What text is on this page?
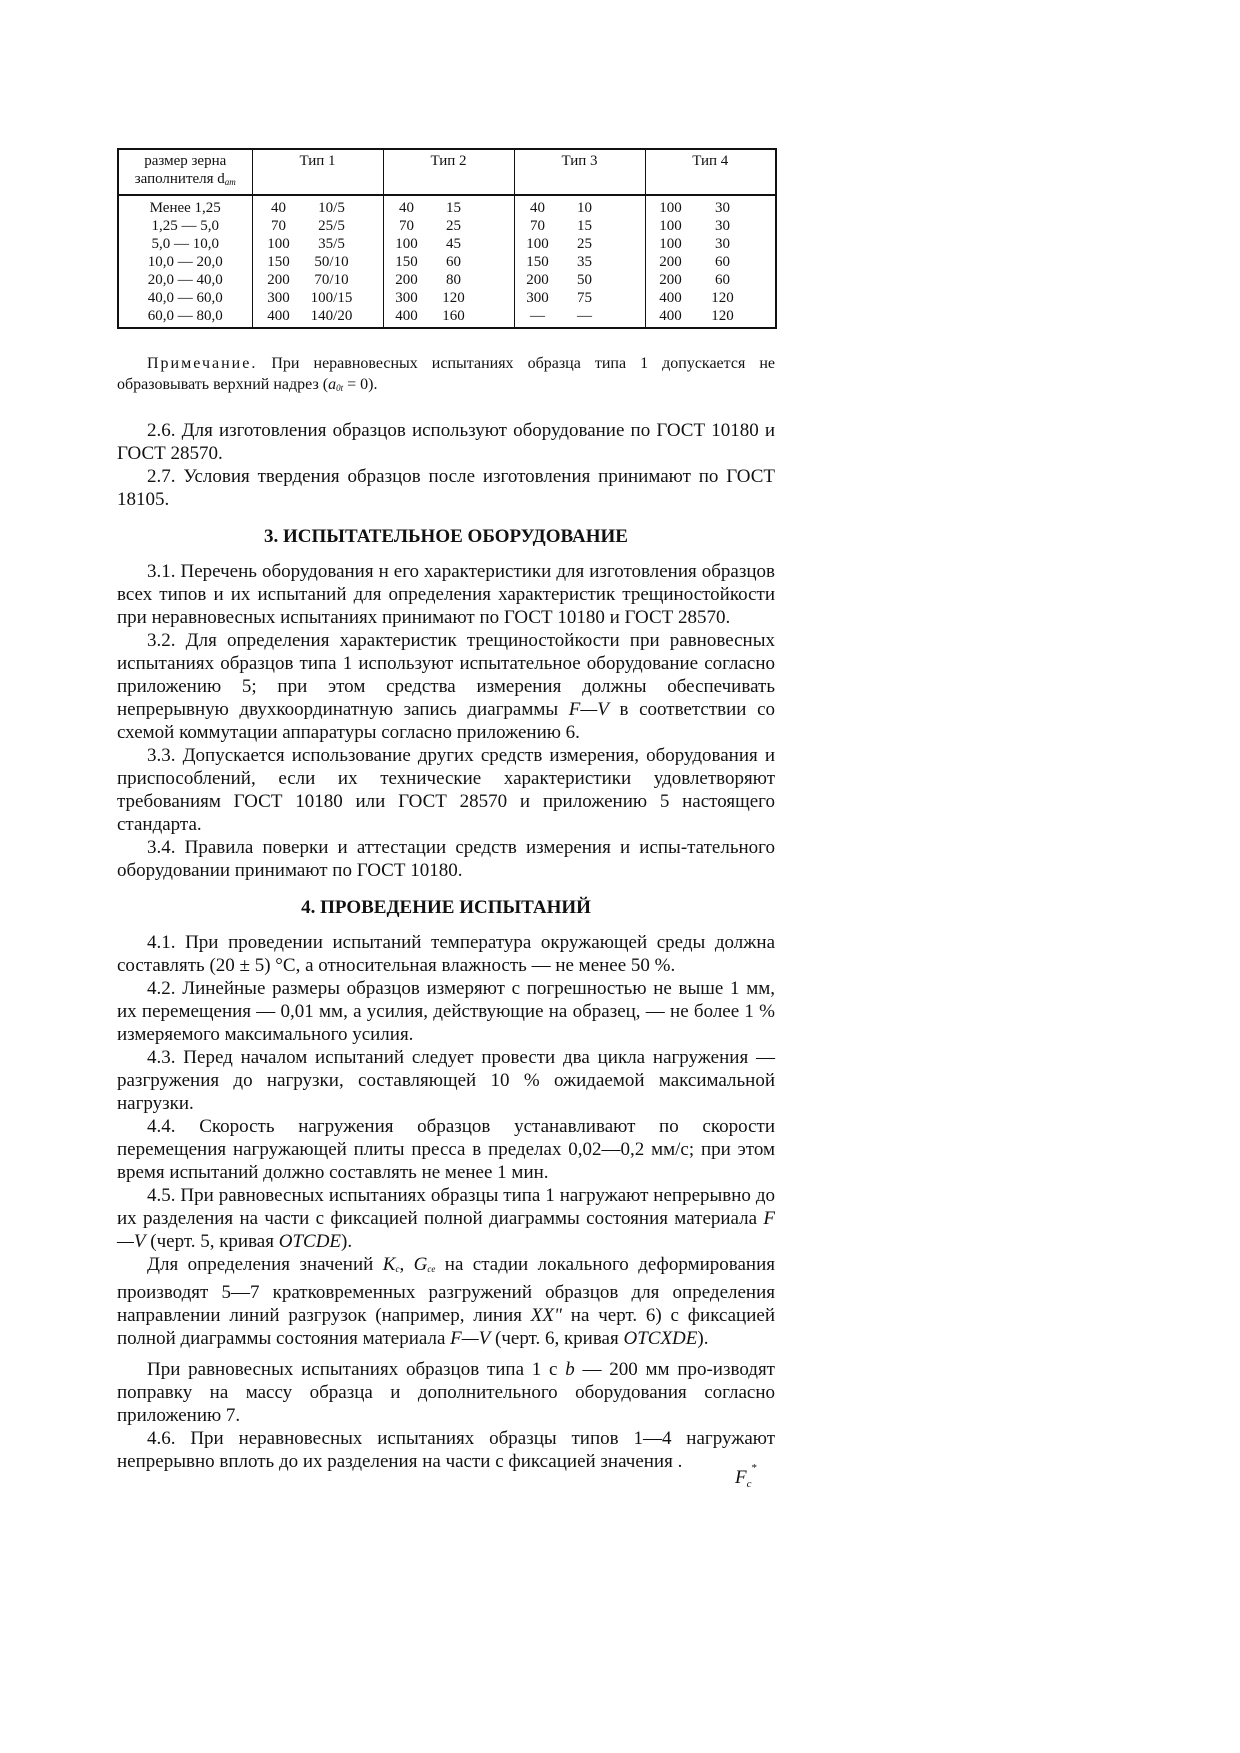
размер зерна
заполнителя $d_{am}$	Тип 1	Тип 2	Тип 3	Тип 4
Менее 1,25	40 10/5	40 15	40 10	100 30

1,25 — 5,0	70 25/5	70 25	70 15	100 30

5,0 — 10,0	100 35/5	100 45	100 25	100 30

10,0 — 20,0	150 50/10	150 60	150 35	200 60

20,0 — 40,0	200 70/10	200 80	200 50	200 60

40,0 — 60,0	300 100/15	300 120	300 75	400 120

60,0 — 80,0	400 140/20	400 160	— —	400 120

Примечание. При неравновесных испытаниях образца типа 1 допускается не образовывать верхний надрез $(a_{0t} = 0)$.

2.6. Для изготовления образцов используют оборудование по ГОСТ 10180 и ГОСТ 28570.

2.7. Условия твердения образцов после изготовления принимают по ГОСТ 18105.

3. ИСПЫТАТЕЛЬНОЕ ОБОРУДОВАНИЕ

3.1. Перечень оборудования н его характеристики для изготовления образцов всех типов и их испытаний для определения характеристик трещиностойкости при неравновесных испытаниях принимают по ГОСТ 10180 и ГОСТ 28570.

3.2. Для определения характеристик трещиностойкости при равновесных испытаниях образцов типа 1 используют испытательное оборудование согласно приложению 5; при этом средства измерения должны обеспечивать непрерывную двухкоординатную запись диаграммы F—V в соответствии со схемой коммутации аппаратуры согласно приложению 6.

3.3. Допускается использование других средств измерения, оборудования и приспособлений, если их технические характеристики удовлетворяют требованиям ГОСТ 10180 или ГОСТ 28570 и приложению 5 настоящего стандарта.

3.4. Правила поверки и аттестации средств измерения и испы-тательного оборудовании принимают по ГОСТ 10180.

4. ПРОВЕДЕНИЕ ИСПЫТАНИЙ

4.1. При проведении испытаний температура окружающей среды должна составлять (20 ± 5) °С, а относительная влажность — не менее 50 %.

4.2. Линейные размеры образцов измеряют с погрешностью не выше 1 мм, их перемещения — 0,01 мм, а усилия, действующие на образец, — не более 1 % измеряемого максимального усилия.

4.3. Перед началом испытаний следует провести два цикла нагружения — разгружения до нагрузки, составляющей 10 % ожидаемой максимальной нагрузки.

4.4. Скорость нагружения образцов устанавливают по скорости перемещения нагружающей плиты пресса в пределах 0,02—0,2 мм/с; при этом время испытаний должно составлять не менее 1 мин.

4.5. При равновесных испытаниях образцы типа 1 нагружают непрерывно до их разделения на части с фиксацией полной диаграммы состояния материала F—V (черт. 5, кривая OTCDE).

Для определения значений $K_c$, $G_{ce}$ на стадии локального деформирования производят 5—7 кратковременных разгружений образцов для определения направлении линий разгрузок (например, линия XX" на черт. 6) с фиксацией полной диаграммы состояния материала F—V (черт. 6, кривая OTCXDE).

При равновесных испытаниях образцов типа 1 с b — 200 мм про-изводят поправку на массу образца и дополнительного оборудования согласно приложению 7.

4.6. При неравновесных испытаниях образцы типов 1—4 нагружают непрерывно вплоть до их разделения на части с фиксацией значения .

$F_c^*$
